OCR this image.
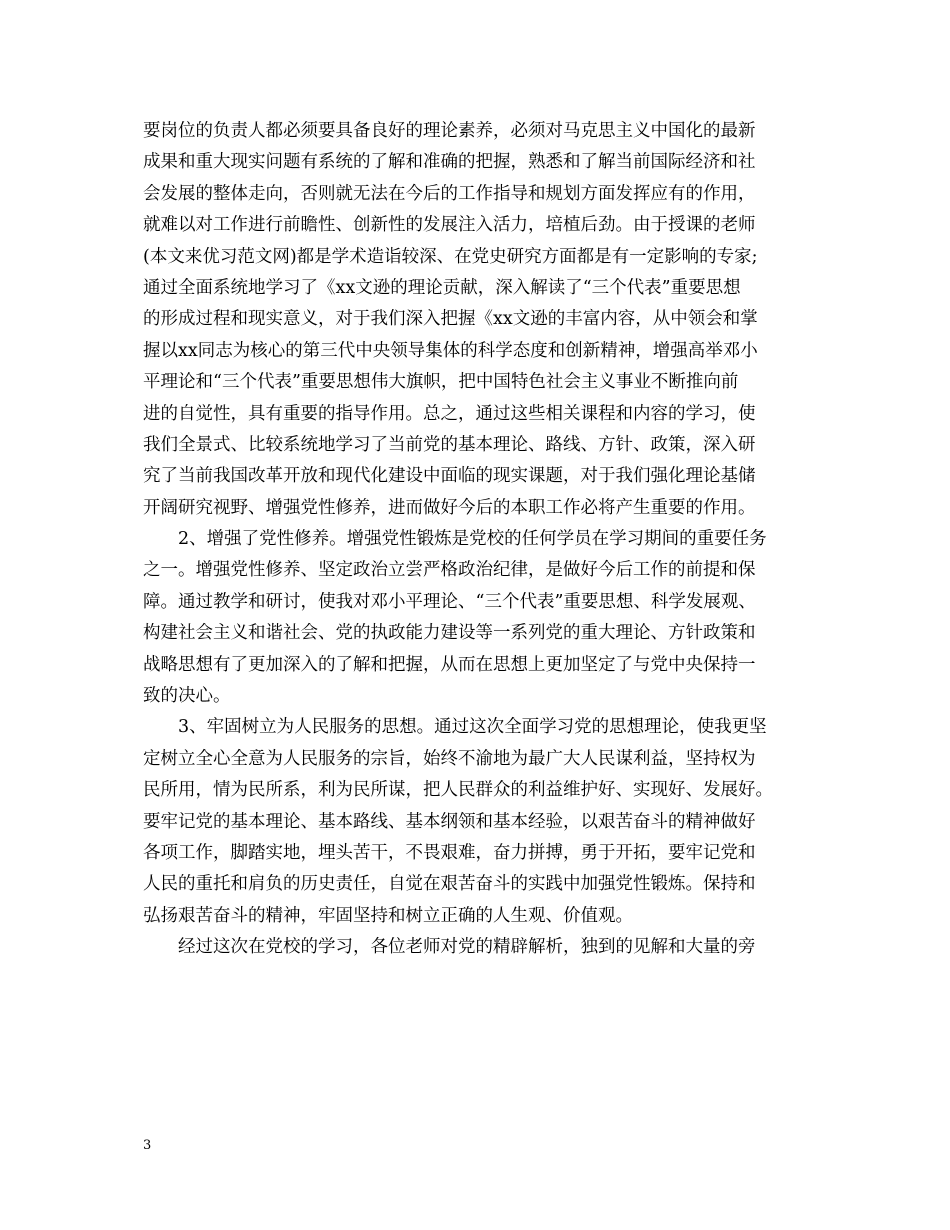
要岗位的负责人都必须要具备良好的理论素养，必须对马克思主义中国化的最新
成果和重大现实问题有系统的了解和准确的把握，熟悉和了解当前国际经济和社
会发展的整体走向，否则就无法在今后的工作指导和规划方面发挥应有的作用，
就难以对工作进行前瞻性、创新性的发展注入活力，培植后劲。由于授课的老师
(本文来优习范文网)都是学术造诣较深、在党史研究方面都是有一定影响的专家;
通过全面系统地学习了《xx文逊的理论贡献，深入解读了“三个代表”重要思想
的形成过程和现实意义，对于我们深入把握《xx文逊的丰富内容，从中领会和掌
握以xx同志为核心的第三代中央领导集体的科学态度和创新精神，增强高举邓小
平理论和“三个代表”重要思想伟大旗帜，把中国特色社会主义事业不断推向前
进的自觉性，具有重要的指导作用。总之，通过这些相关课程和内容的学习，使
我们全景式、比较系统地学习了当前党的基本理论、路线、方针、政策，深入研
究了当前我国改革开放和现代化建设中面临的现实课题，对于我们强化理论基储
开阔研究视野、增强党性修养，进而做好今后的本职工作必将产生重要的作用。
　　2、增强了党性修养。增强党性锻炼是党校的任何学员在学习期间的重要任务
之一。增强党性修养、坚定政治立尝严格政治纪律，是做好今后工作的前提和保
障。通过教学和研讨，使我对邓小平理论、“三个代表”重要思想、科学发展观、
构建社会主义和谐社会、党的执政能力建设等一系列党的重大理论、方针政策和
战略思想有了更加深入的了解和把握，从而在思想上更加坚定了与党中央保持一
致的决心。
　　3、牢固树立为人民服务的思想。通过这次全面学习党的思想理论，使我更坚
定树立全心全意为人民服务的宗旨，始终不渝地为最广大人民谋利益，坚持权为
民所用，情为民所系，利为民所谋，把人民群众的利益维护好、实现好、发展好。
要牢记党的基本理论、基本路线、基本纲领和基本经验，以艰苦奋斗的精神做好
各项工作，脚踏实地，埋头苦干，不畏艰难，奋力拼搏，勇于开拓，要牢记党和
人民的重托和肩负的历史责任，自觉在艰苦奋斗的实践中加强党性锻炼。保持和
弘扬艰苦奋斗的精神，牢固坚持和树立正确的人生观、价值观。
　　经过这次在党校的学习，各位老师对党的精辟解析，独到的见解和大量的旁
3
